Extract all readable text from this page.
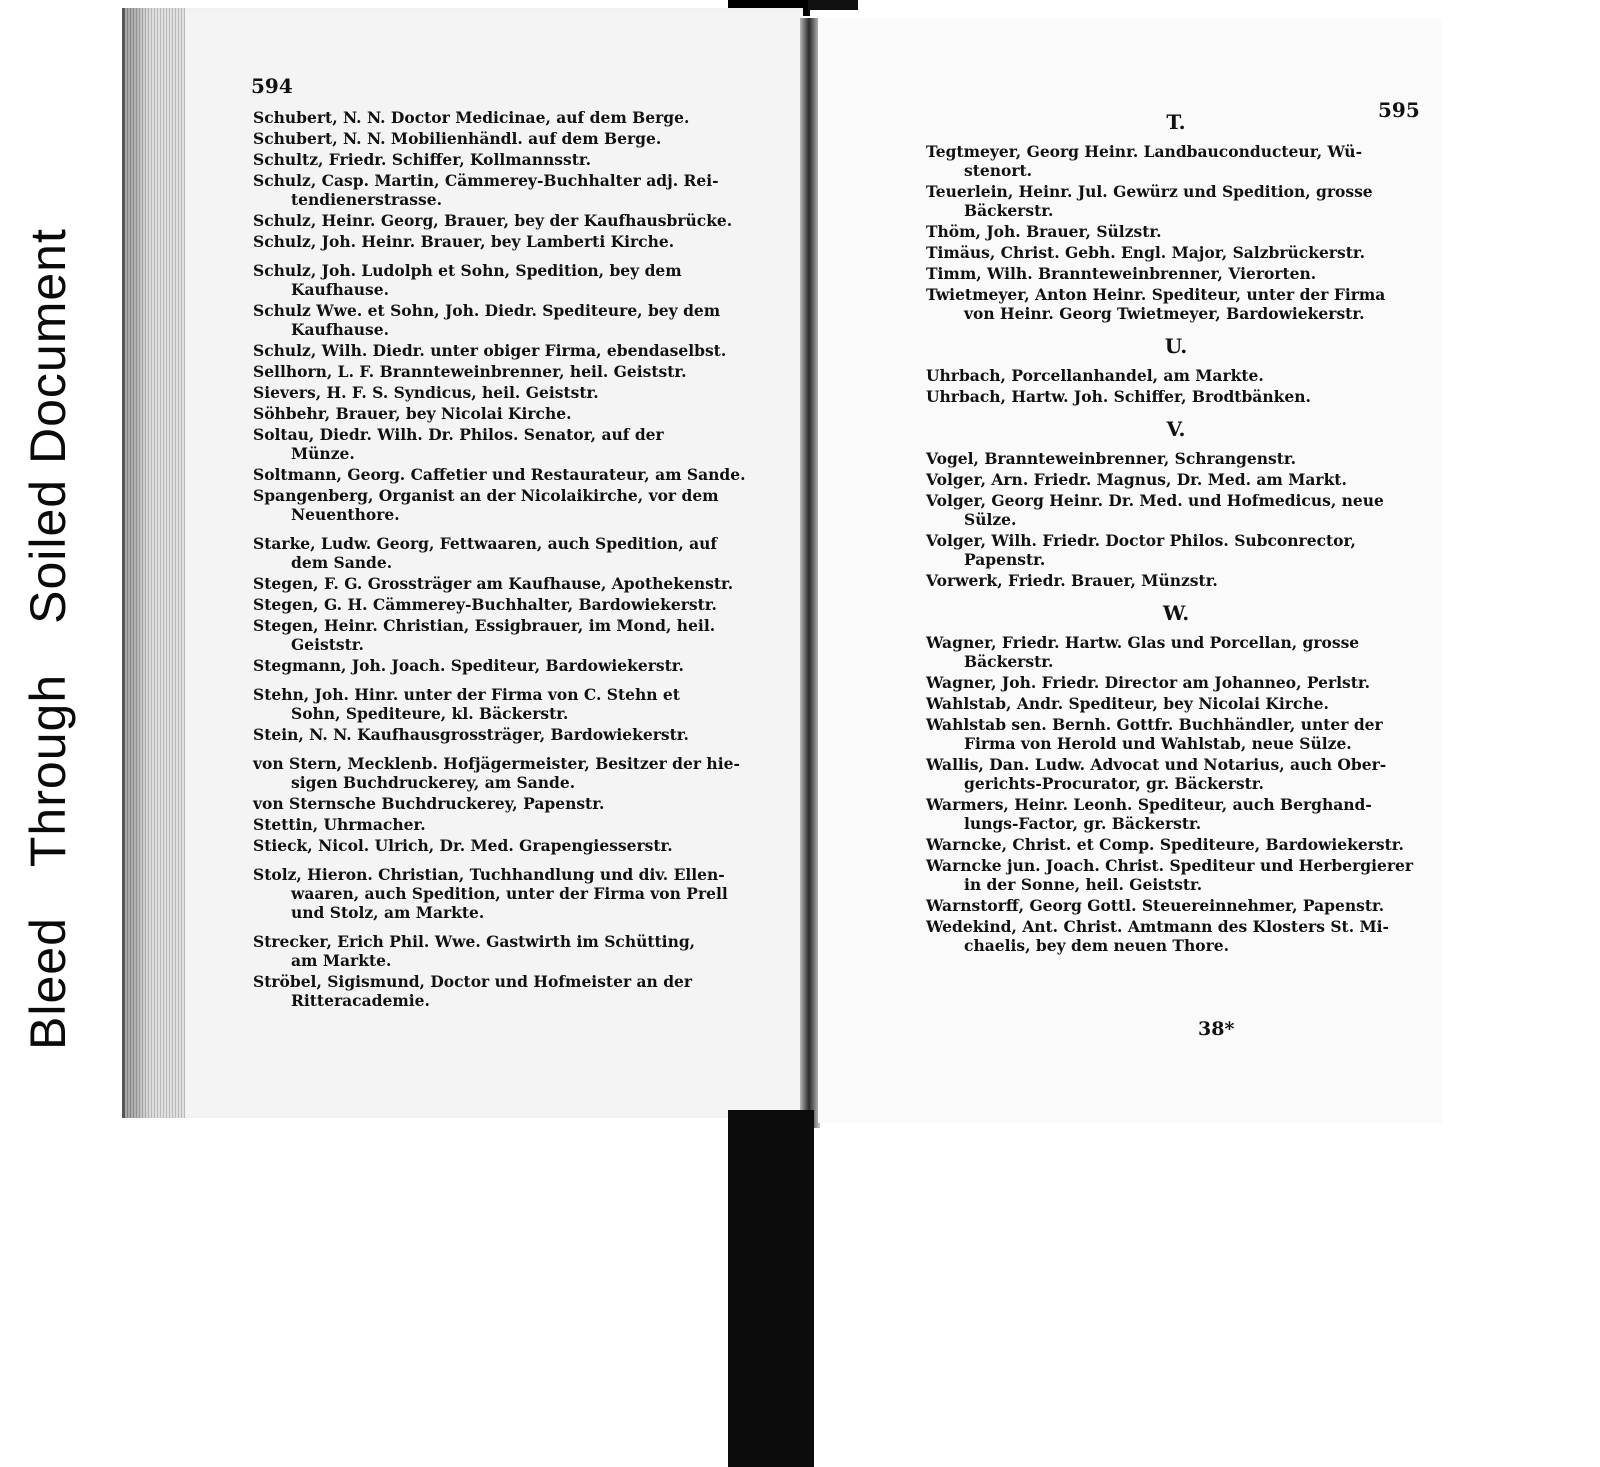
BleedThroughSoiled Document
594
Schubert, N. N. Doctor Medicinae, auf dem Berge.
Schubert, N. N. Mobilienhändl. auf dem Berge.
Schultz, Friedr. Schiffer, Kollmannsstr.
Schulz, Casp. Martin, Cämmerey-Buchhalter adj. Rei-
tendienerstrasse.
Schulz, Heinr. Georg, Brauer, bey der Kaufhausbrücke.
Schulz, Joh. Heinr. Brauer, bey Lamberti Kirche.
Schulz, Joh. Ludolph et Sohn, Spedition, bey dem
Kaufhause.
Schulz Wwe. et Sohn, Joh. Diedr. Spediteure, bey dem
Kaufhause.
Schulz, Wilh. Diedr. unter obiger Firma, ebendaselbst.
Sellhorn, L. F. Brannteweinbrenner, heil. Geiststr.
Sievers, H. F. S. Syndicus, heil. Geiststr.
Söhbehr, Brauer, bey Nicolai Kirche.
Soltau, Diedr. Wilh. Dr. Philos. Senator, auf der
Münze.
Soltmann, Georg. Caffetier und Restaurateur, am Sande.
Spangenberg, Organist an der Nicolaikirche, vor dem
Neuenthore.
Starke, Ludw. Georg, Fettwaaren, auch Spedition, auf
dem Sande.
Stegen, F. G. Grossträger am Kaufhause, Apothekenstr.
Stegen, G. H. Cämmerey-Buchhalter, Bardowiekerstr.
Stegen, Heinr. Christian, Essigbrauer, im Mond, heil.
Geiststr.
Stegmann, Joh. Joach. Spediteur, Bardowiekerstr.
Stehn, Joh. Hinr. unter der Firma von C. Stehn et
Sohn, Spediteure, kl. Bäckerstr.
Stein, N. N. Kaufhausgrossträger, Bardowiekerstr.
von Stern, Mecklenb. Hofjägermeister, Besitzer der hie-
sigen Buchdruckerey, am Sande.
von Sternsche Buchdruckerey, Papenstr.
Stettin, Uhrmacher.
Stieck, Nicol. Ulrich, Dr. Med. Grapengiesserstr.
Stolz, Hieron. Christian, Tuchhandlung und div. Ellen-
waaren, auch Spedition, unter der Firma von Prell
und Stolz, am Markte.
Strecker, Erich Phil. Wwe. Gastwirth im Schütting,
am Markte.
Ströbel, Sigismund, Doctor und Hofmeister an der
Ritteracademie.
595
T.
Tegtmeyer, Georg Heinr. Landbauconducteur, Wü-
stenort.
Teuerlein, Heinr. Jul. Gewürz und Spedition, grosse
Bäckerstr.
Thöm, Joh. Brauer, Sülzstr.
Timäus, Christ. Gebh. Engl. Major, Salzbrückerstr.
Timm, Wilh. Brannteweinbrenner, Vierorten.
Twietmeyer, Anton Heinr. Spediteur, unter der Firma
von Heinr. Georg Twietmeyer, Bardowiekerstr.
U.
Uhrbach, Porcellanhandel, am Markte.
Uhrbach, Hartw. Joh. Schiffer, Brodtbänken.
V.
Vogel, Brannteweinbrenner, Schrangenstr.
Volger, Arn. Friedr. Magnus, Dr. Med. am Markt.
Volger, Georg Heinr. Dr. Med. und Hofmedicus, neue
Sülze.
Volger, Wilh. Friedr. Doctor Philos. Subconrector,
Papenstr.
Vorwerk, Friedr. Brauer, Münzstr.
W.
Wagner, Friedr. Hartw. Glas und Porcellan, grosse
Bäckerstr.
Wagner, Joh. Friedr. Director am Johanneo, Perlstr.
Wahlstab, Andr. Spediteur, bey Nicolai Kirche.
Wahlstab sen. Bernh. Gottfr. Buchhändler, unter der
Firma von Herold und Wahlstab, neue Sülze.
Wallis, Dan. Ludw. Advocat und Notarius, auch Ober-
gerichts-Procurator, gr. Bäckerstr.
Warmers, Heinr. Leonh. Spediteur, auch Berghand-
lungs-Factor, gr. Bäckerstr.
Warncke, Christ. et Comp. Spediteure, Bardowiekerstr.
Warncke jun. Joach. Christ. Spediteur und Herbergierer
in der Sonne, heil. Geiststr.
Warnstorff, Georg Gottl. Steuereinnehmer, Papenstr.
Wedekind, Ant. Christ. Amtmann des Klosters St. Mi-
chaelis, bey dem neuen Thore.
38*
